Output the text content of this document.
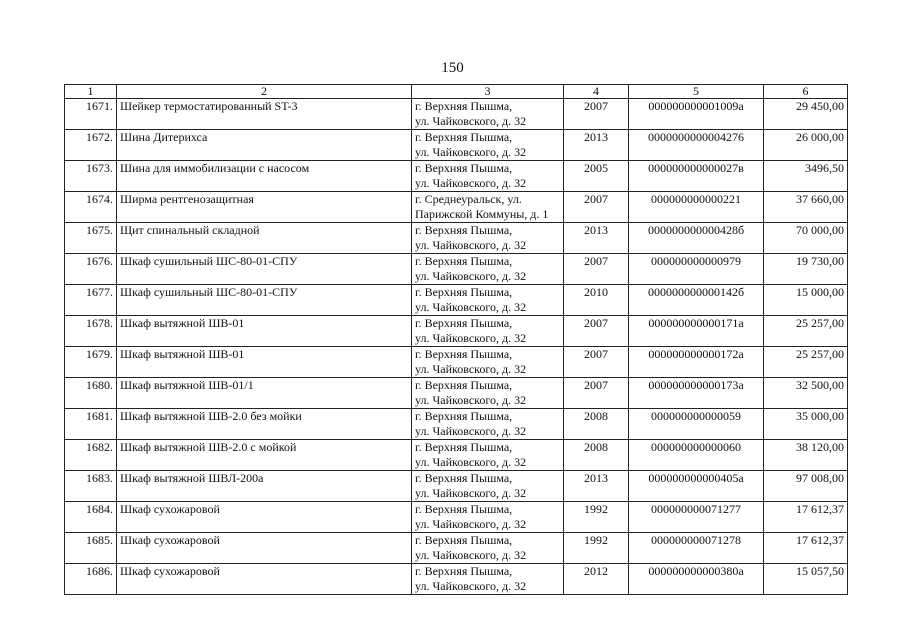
150
1	2	3	4	5	6
1671.	Шейкер термостатированный ST-3	г. Верхняя Пышма,
ул. Чайковского, д. 32	2007	000000000001009а	29 450,00
1672.	Шина Дитерихса	г. Верхняя Пышма,
ул. Чайковского, д. 32	2013	0000000000004276	26 000,00
1673.	Шина для иммобилизации с насосом	г. Верхняя Пышма,
ул. Чайковского, д. 32	2005	000000000000027в	3496,50
1674.	Ширма рентгенозащитная	г. Среднеуральск, ул.
Парижской Коммуны, д. 1	2007	000000000000221	37 660,00
1675.	Щит спинальный складной	г. Верхняя Пышма,
ул. Чайковского, д. 32	2013	000000000000428б	70 000,00
1676.	Шкаф сушильный ШС-80-01-СПУ	г. Верхняя Пышма,
ул. Чайковского, д. 32	2007	000000000000979	19 730,00
1677.	Шкаф сушильный ШС-80-01-СПУ	г. Верхняя Пышма,
ул. Чайковского, д. 32	2010	000000000000142б	15 000,00
1678.	Шкаф вытяжной ШВ-01	г. Верхняя Пышма,
ул. Чайковского, д. 32	2007	000000000000171а	25 257,00
1679.	Шкаф вытяжной ШВ-01	г. Верхняя Пышма,
ул. Чайковского, д. 32	2007	000000000000172а	25 257,00
1680.	Шкаф вытяжной ШВ-01/1	г. Верхняя Пышма,
ул. Чайковского, д. 32	2007	000000000000173а	32 500,00
1681.	Шкаф вытяжной ШВ-2.0 без мойки	г. Верхняя Пышма,
ул. Чайковского, д. 32	2008	000000000000059	35 000,00
1682.	Шкаф вытяжной ШВ-2.0 с мойкой	г. Верхняя Пышма,
ул. Чайковского, д. 32	2008	000000000000060	38 120,00
1683.	Шкаф вытяжной ШВЛ-200а	г. Верхняя Пышма,
ул. Чайковского, д. 32	2013	000000000000405а	97 008,00
1684.	Шкаф сухожаровой	г. Верхняя Пышма,
ул. Чайковского, д. 32	1992	000000000071277	17 612,37
1685.	Шкаф сухожаровой	г. Верхняя Пышма,
ул. Чайковского, д. 32	1992	000000000071278	17 612,37
1686.	Шкаф сухожаровой	г. Верхняя Пышма,
ул. Чайковского, д. 32	2012	000000000000380а	15 057,50
